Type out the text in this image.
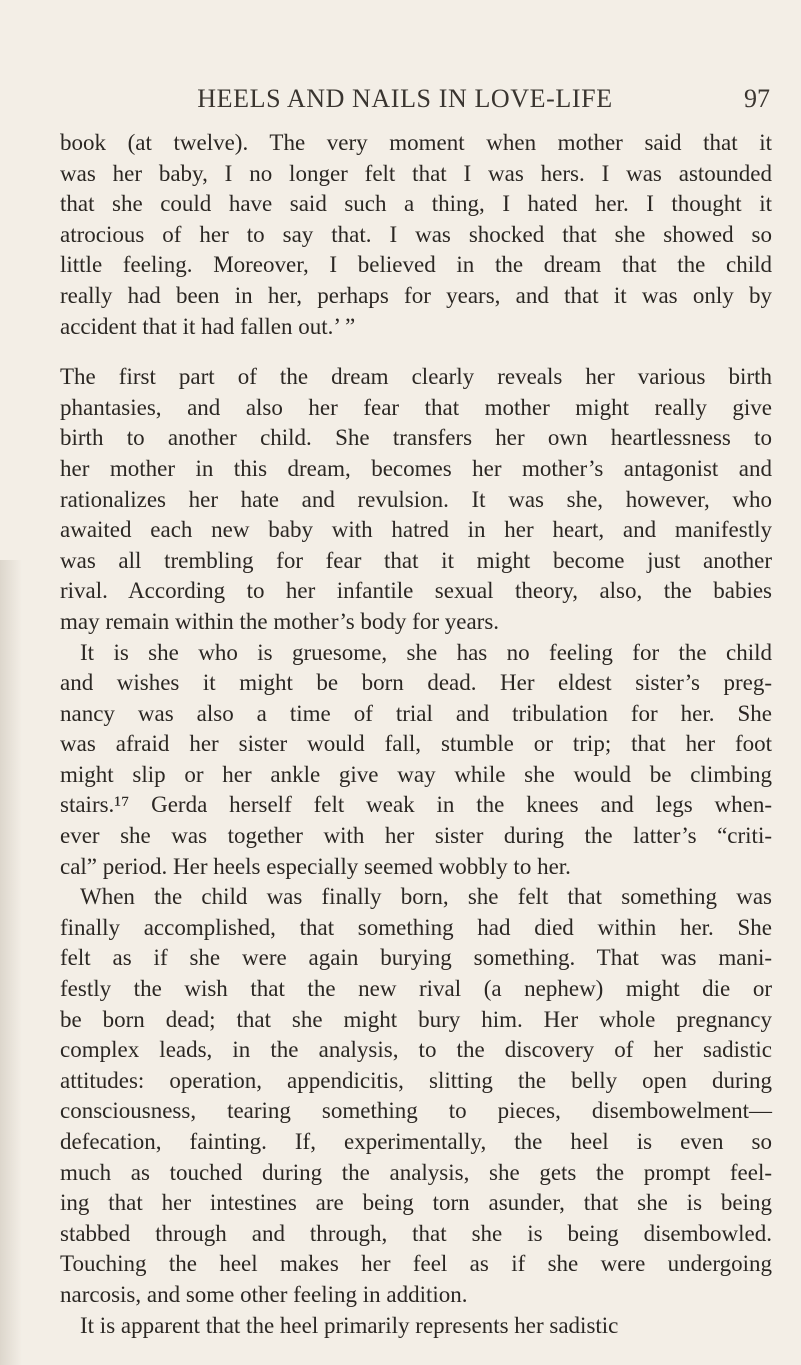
HEELS AND NAILS IN LOVE-LIFE	97
book (at twelve). The very moment when mother said that it
was her baby, I no longer felt that I was hers. I was astounded
that she could have said such a thing, I hated her. I thought it
atrocious of her to say that. I was shocked that she showed so
little feeling. Moreover, I believed in the dream that the child
really had been in her, perhaps for years, and that it was only by
accident that it had fallen out.’ ”
The first part of the dream clearly reveals her various birth
phantasies, and also her fear that mother might really give
birth to another child. She transfers her own heartlessness to
her mother in this dream, becomes her mother’s antagonist and
rationalizes her hate and revulsion. It was she, however, who
awaited each new baby with hatred in her heart, and manifestly
was all trembling for fear that it might become just another
rival. According to her infantile sexual theory, also, the babies
may remain within the mother’s body for years.
It is she who is gruesome, she has no feeling for the child
and wishes it might be born dead. Her eldest sister’s preg-
nancy was also a time of trial and tribulation for her. She
was afraid her sister would fall, stumble or trip; that her foot
might slip or her ankle give way while she would be climbing
stairs.¹⁷ Gerda herself felt weak in the knees and legs when-
ever she was together with her sister during the latter’s “criti-
cal” period. Her heels especially seemed wobbly to her.
When the child was finally born, she felt that something was
finally accomplished, that something had died within her. She
felt as if she were again burying something. That was mani-
festly the wish that the new rival (a nephew) might die or
be born dead; that she might bury him. Her whole pregnancy
complex leads, in the analysis, to the discovery of her sadistic
attitudes: operation, appendicitis, slitting the belly open during
consciousness, tearing something to pieces, disembowelment—
defecation, fainting. If, experimentally, the heel is even so
much as touched during the analysis, she gets the prompt feel-
ing that her intestines are being torn asunder, that she is being
stabbed through and through, that she is being disembowled.
Touching the heel makes her feel as if she were undergoing
narcosis, and some other feeling in addition.
It is apparent that the heel primarily represents her sadistic
